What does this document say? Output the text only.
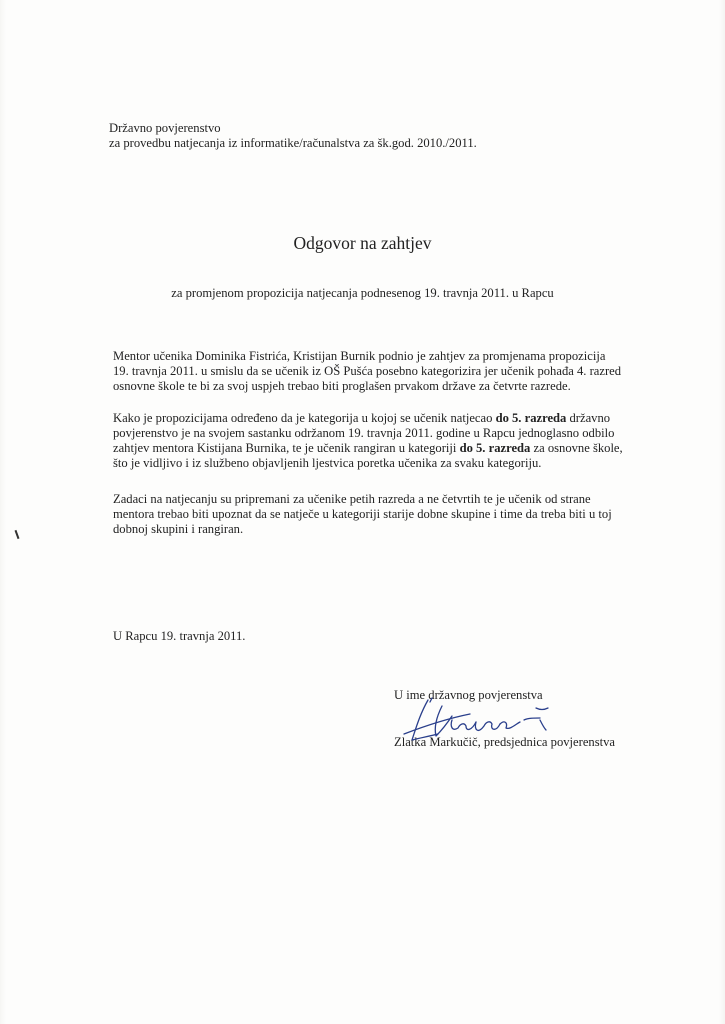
Državno povjerenstvo
za provedbu natjecanja iz informatike/računalstva za šk.god. 2010./2011.
Odgovor na zahtjev
za promjenom propozicija natjecanja podnesenog 19. travnja 2011. u Rapcu
Mentor učenika Dominika Fistrića, Kristijan Burnik podnio je zahtjev za promjenama propozicija
19. travnja 2011. u smislu da se učenik iz OŠ Pušća posebno kategorizira jer učenik pohađa 4. razred
osnovne škole te bi za svoj uspjeh trebao biti proglašen prvakom države za četvrte razrede.
Kako je propozicijama određeno da je kategorija u kojoj se učenik natjecao do 5. razreda državno
povjerenstvo je na svojem sastanku održanom 19. travnja 2011. godine u Rapcu jednoglasno odbilo
zahtjev mentora Kistijana Burnika, te je učenik rangiran u kategoriji do 5. razreda za osnovne škole,
što je vidljivo i iz službeno objavljenih ljestvica poretka učenika za svaku kategoriju.
Zadaci na natjecanju su pripremani za učenike petih razreda a ne četvrtih te je učenik od strane
mentora trebao biti upoznat da se natječe u kategoriji starije dobne skupine i time da treba biti u toj
dobnoj skupini i rangiran.
U Rapcu 19. travnja 2011.
U ime državnog povjerenstva
Zlatka Markučič, predsjednica povjerenstva
